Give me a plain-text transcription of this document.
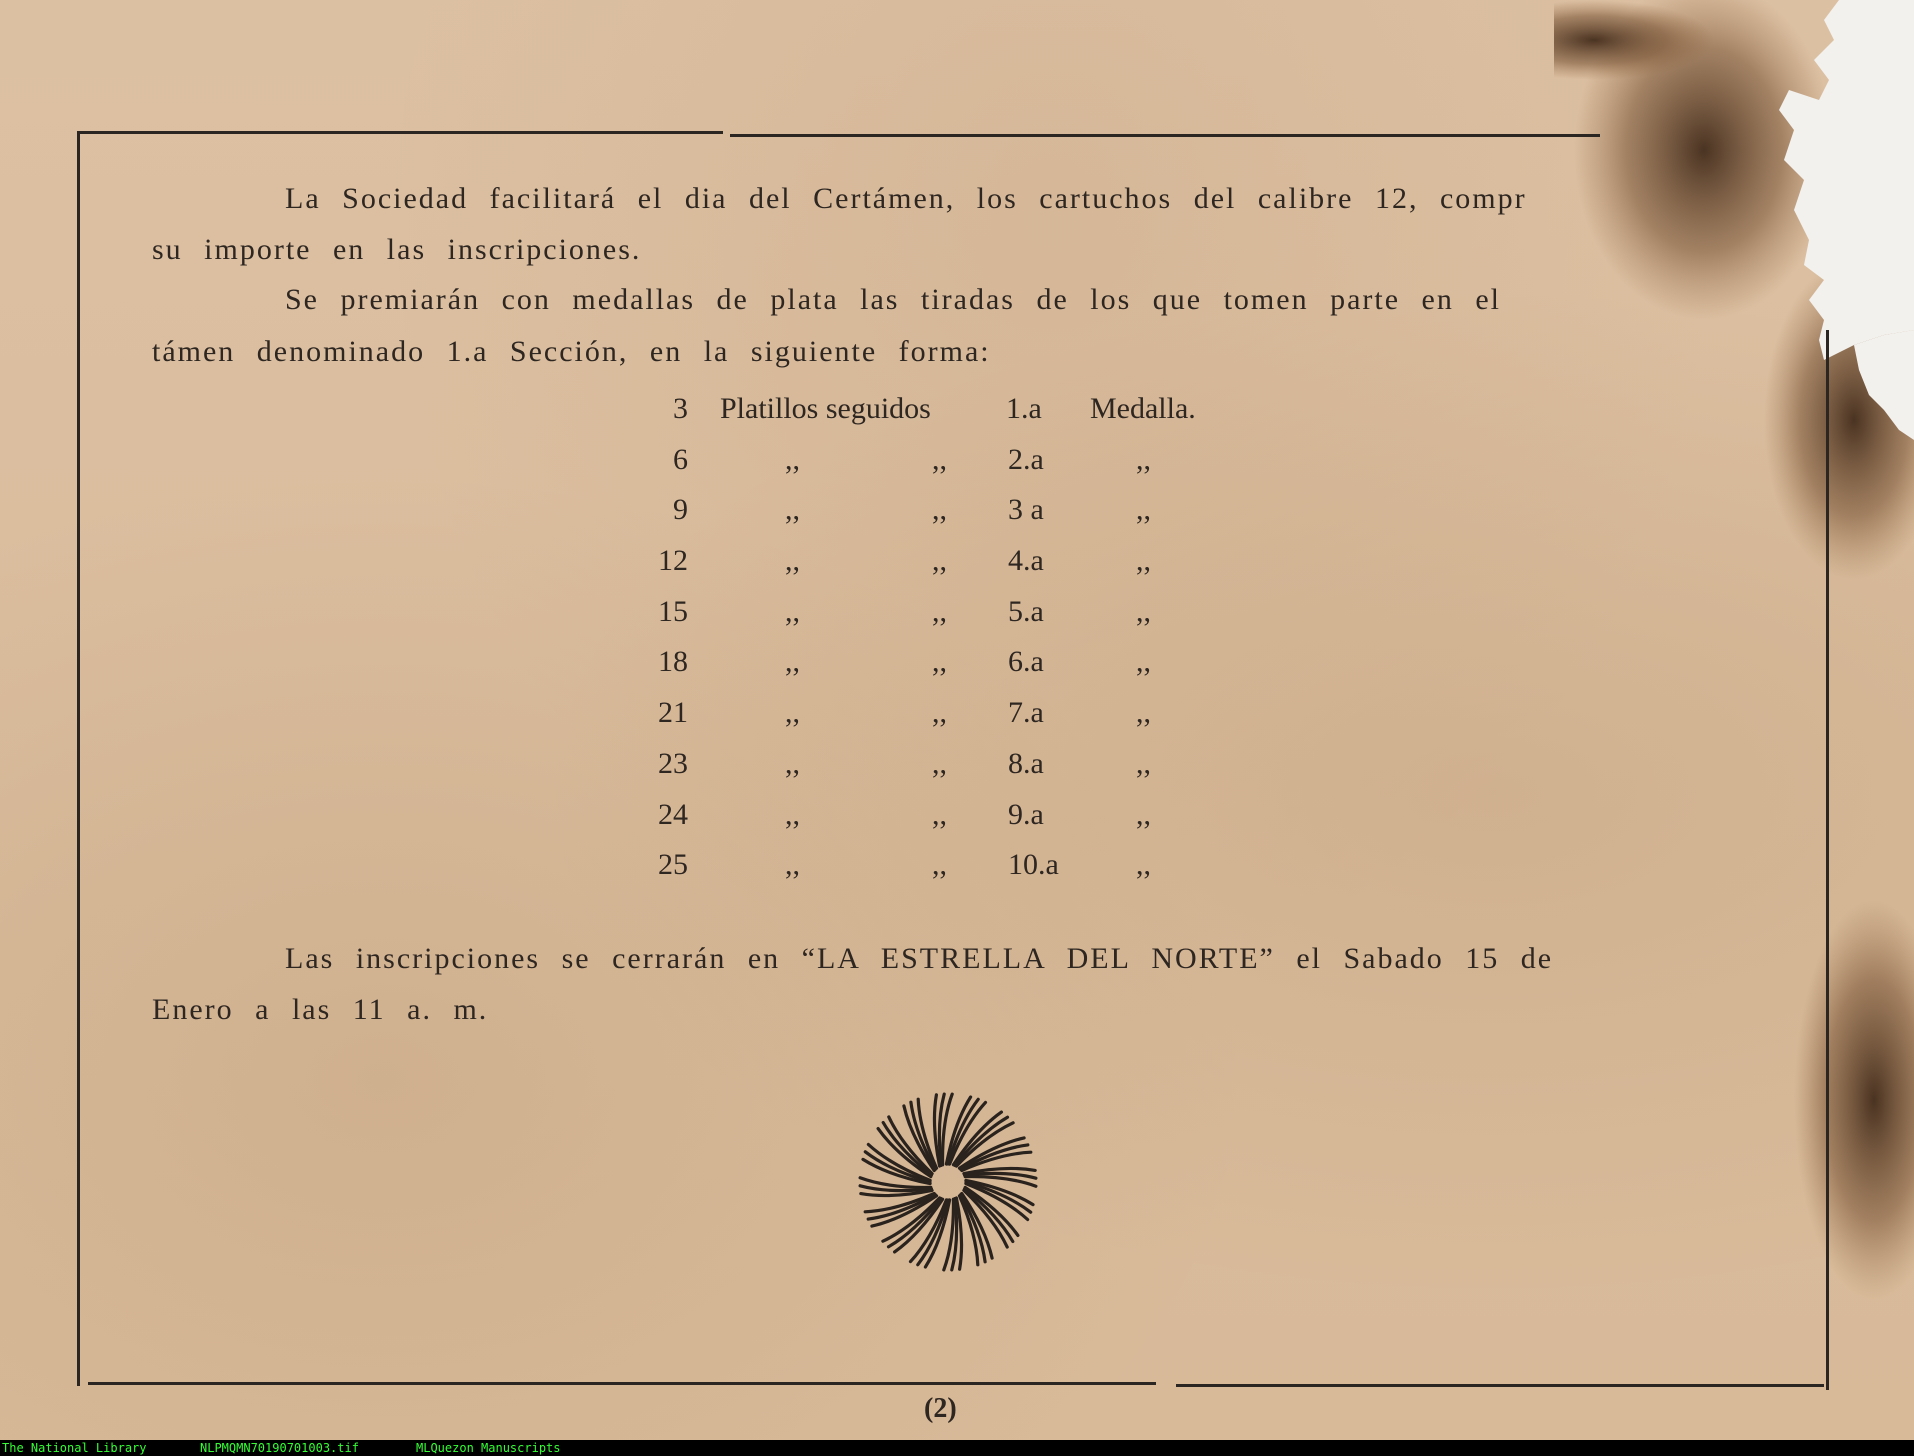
La Sociedad facilitará el dia del Certámen, los cartuchos del calibre 12, compr
su importe en las inscripciones.
Se premiarán con medallas de plata las tiradas de los que tomen parte en el
támen denominado 1.a Sección, en la siguiente forma:
3 Platillos seguidos	1.a Medalla.
6	,,	,, 2.a	,,
9	,,	,, 3 a	,,
12	,,	,, 4.a	,,
15	,,	,, 5.a	,,
18	,,	,, 6.a	,,
21	,,	,, 7.a	,,
23	,,	,, 8.a	,,
24	,,	,, 9.a	,,
25	,,	,, 10.a	,,
Las inscripciones se cerrarán en “LA ESTRELLA DEL NORTE” el Sabado 15 de
Enero a las 11 a. m.
(2)
The National Library	NLPMQMN70190701003.tif	MLQuezon Manuscripts
